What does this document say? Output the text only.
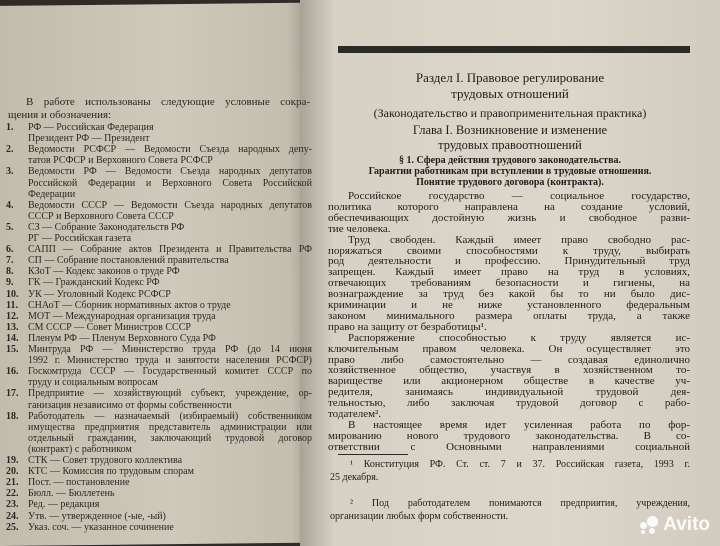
В работе использованы следующие условные сокра-
щения и обозначения:
1. РФ — Российская Федерация
Президент РФ — Президент
2. Ведомости РСФСР — Ведомости Съезда народных депу-
татов РСФСР и Верховного Совета РСФСР
3. Ведомости РФ — Ведомости Съезда народных депутатов
Российской Федерации и Верховного Совета Российской
Федерации
4. Ведомости СССР — Ведомости Съезда народных депутатов
СССР и Верховного Совета СССР
5. СЗ — Собрание Законодательств РФ
РГ — Российская газета
6. САПП — Собрание актов Президента и Правительства РФ
7. СП — Собрание постановлений правительства
8. КЗоТ — Кодекс законов о труде РФ
9. ГК — Гражданский Кодекс РФ
10. УК — Уголовный Кодекс РСФСР
11. СНАоТ — Сборник нормативных актов о труде
12. МОТ — Международная организация труда
13. СМ СССР — Совет Министров СССР
14. Пленум РФ — Пленум Верховного Суда РФ
15. Минтруда РФ — Министерство труда РФ (до 14 июня
1992 г. Министерство труда и занятости населения РСФСР)
16. Госкомтруда СССР — Государственный комитет СССР по
труду и социальным вопросам
17. Предприятие — хозяйствующий субъект, учреждение, ор-
ганизация независимо от формы собственности
18. Работодатель — назначаемый (избираемый) собственником
имущества предприятия представитель администрации или
отдельный гражданин, заключающий трудовой договор
(контракт) с работником
19. СТК — Совет трудового коллектива
20. КТС — Комиссия по трудовым спорам
21. Пост. — постановление
22. Бюлл. — Бюллетень
23. Ред. — редакция
24. Утв. — утвержденное (-ые, -ый)
25. Указ. соч. — указанное сочинение
Раздел I. Правовое регулирование
трудовых отношений
(Законодательство и правоприменительная практика)
Глава I. Возникновение и изменение
трудовых правоотношений
§ 1. Сфера действия трудового законодательства.
Гарантии работникам при вступлении в трудовые отношения.
Понятие трудового договора (контракта).
Российское государство — социальное государство,
политика которого направлена на создание условий,
обеспечивающих достойную жизнь и свободное разви-
тие человека.
Труд свободен. Каждый имеет право свободно рас-
поряжаться своими способностями к труду, выбирать
род деятельности и профессию. Принудительный труд
запрещен. Каждый имеет право на труд в условиях,
отвечающих требованиям безопасности и гигиены, на
вознаграждение за труд без какой бы то ни было дис-
криминации и не ниже установленного федеральным
законом минимального размера оплаты труда, а также
право на защиту от безработицы¹.
Распоряжение способностью к труду является ис-
ключительным правом человека. Он осуществляет это
право либо самостоятельно — создавая единолично
хозяйственное общество, участвуя в хозяйственном то-
вариществе или акционерном обществе в качестве уч-
редителя, занимаясь индивидуальной трудовой дея-
тельностью, либо заключая трудовой договор с рабо-
тодателем².
В настоящее время идет усиленная работа по фор-
мированию нового трудового законодательства. В со-
ответствии с Основными направлениями социальной
¹ Конституция РФ. Ст. ст. 7 и 37. Российская газета, 1993 г.
25 декабря.
² Под работодателем понимаются предприятия, учреждения,
организации любых форм собственности.	Avito
